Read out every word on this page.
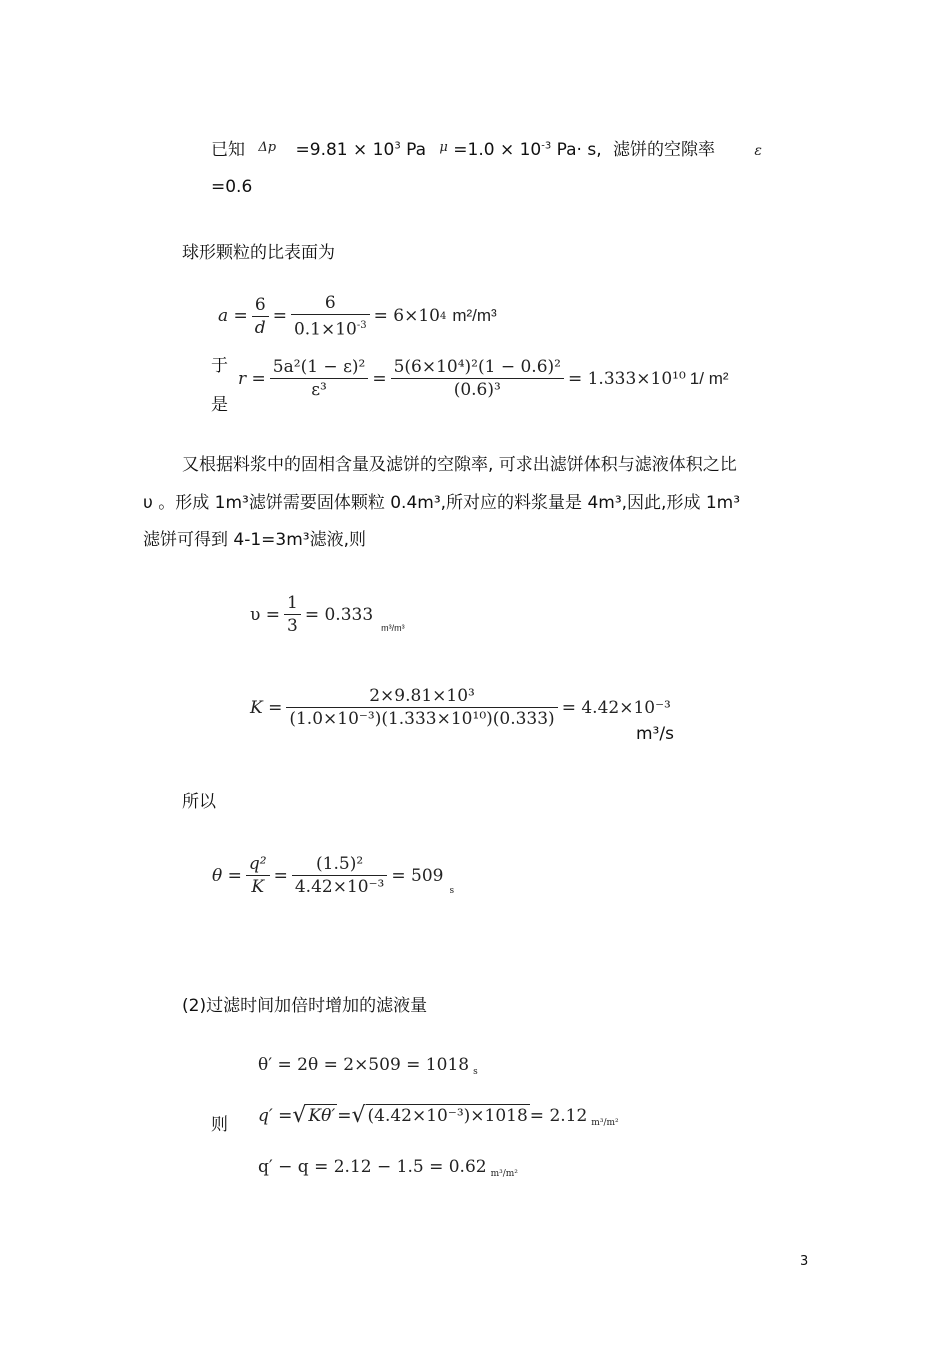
已知 $^{\Delta p} =9.81 \times 10^3$ Pa $^\mu =1.0 \times 10^{-3}$ Pa· s, 滤饼的空隙率	ε
=0.6
球形颗粒的比表面为
$a = \frac{6}{d} = \frac{6}{0.1\times 10^{-3}} = 6\times 10$ 4 m²/m³
于
是
$r = \frac{\text{5a²(1 − ε)²}}{\text{ε³}} = \frac{\text{5(6×10⁴)²(1 − 0.6)²}}{\text{(0.6)³}} = 1.333\times 10^{10}$ 1/ m²
又根据料浆中的固相含量及滤饼的空隙率, 可求出滤饼体积与滤液体积之比
υ 。形成 1m³滤饼需要固体颗粒 0.4m³,所对应的料浆量是 4m³,因此,形成 1m³
滤饼可得到 4-1=3m³滤液,则
$\upsilon = \frac{1}{3} = 0.333$
m³/m³
$K = \frac{\text{2×9.81×10³}}{\text{(1.0×10⁻³)(1.333×10¹⁰)(0.333)}} = 4.42\times 10^{-3}$
m³/s
所以
$\theta = \frac{\text{q²}}{K} = \frac{\text{(1.5)²}}{\text{4.42×10⁻³}} = 509$
s
(2)过滤时间加倍时增加的滤液量
θ′ = 2θ = 2×509 = 1018 s
则 q′ = √ Kθ′ = √ (4.42×10⁻³)×1018 = 2.12 m³/m²
q′ − q = 2.12 − 1.5 = 0.62 m³/m²
3
